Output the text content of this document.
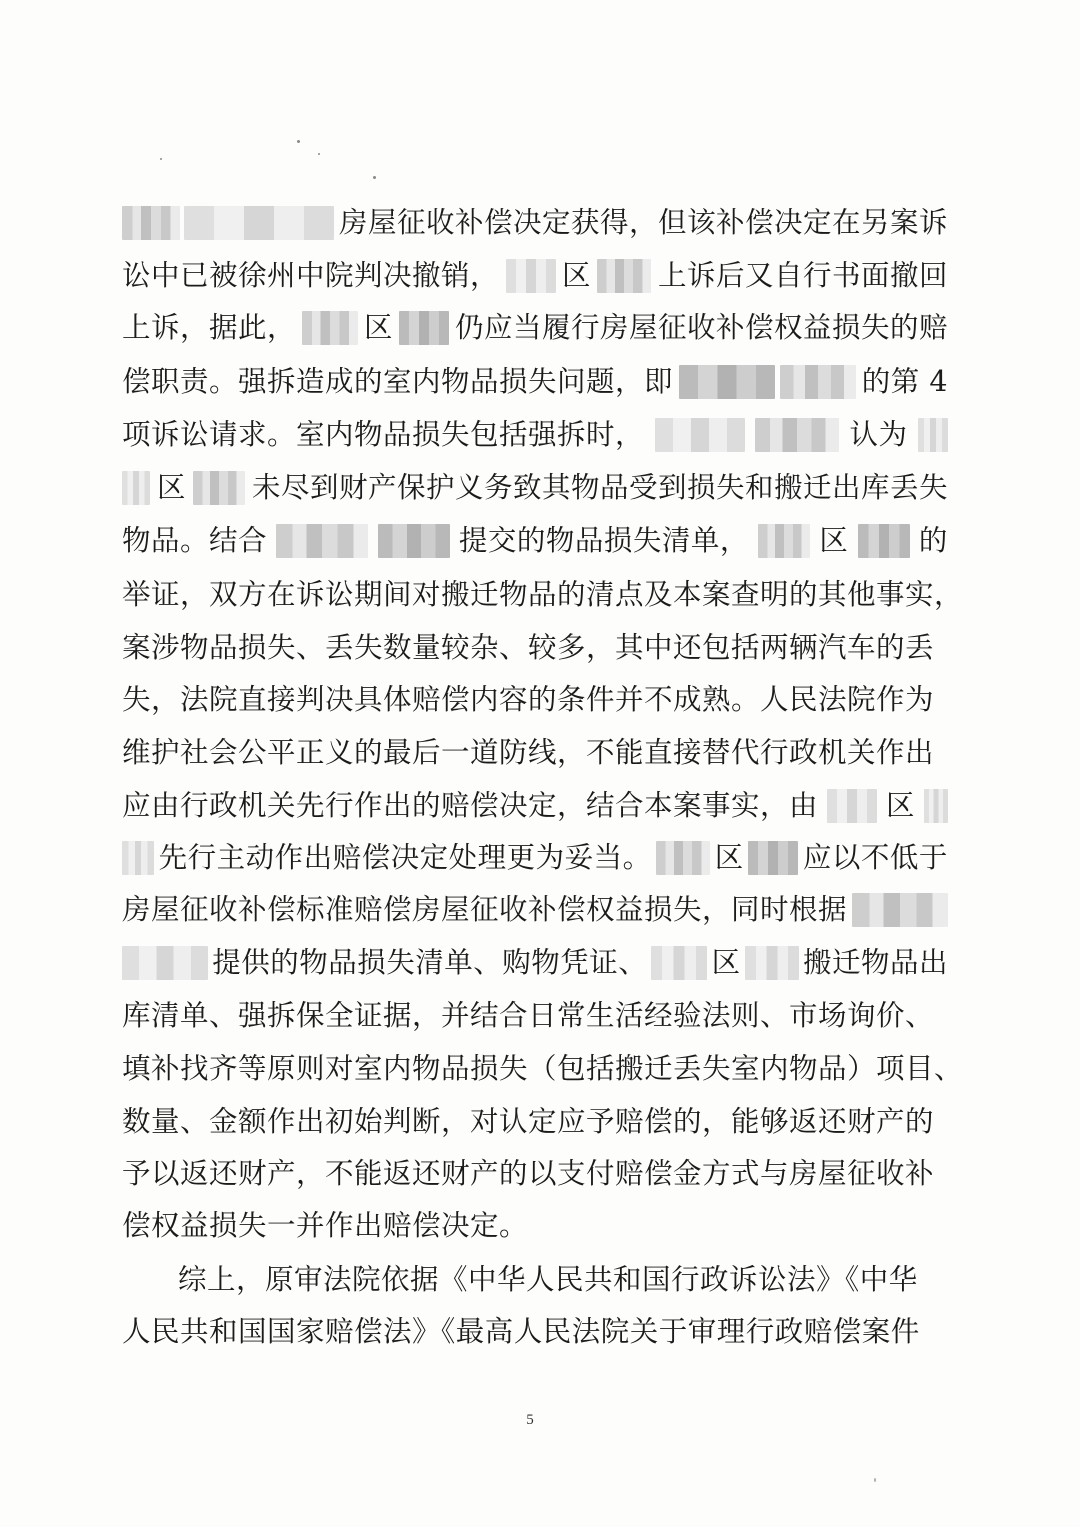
房屋征收补偿决定获得，但该补偿决定在另案诉
讼中已被徐州中院判决撤销， 区 上诉后又自行书面撤回
上诉，据此， 区 仍应当履行房屋征收补偿权益损失的赔
偿职责。强拆造成的室内物品损失问题，即	的第 4
项诉讼请求。室内物品损失包括强拆时，	认为
区 未尽到财产保护义务致其物品受到损失和搬迁出库丢失
物品。结合	提交的物品损失清单， 区 的
举证，双方在诉讼期间对搬迁物品的清点及本案查明的其他事实，
案涉物品损失、丢失数量较杂、较多，其中还包括两辆汽车的丢
失，法院直接判决具体赔偿内容的条件并不成熟。人民法院作为
维护社会公平正义的最后一道防线，不能直接替代行政机关作出
应由行政机关先行作出的赔偿决定，结合本案事实，由 区
先行主动作出赔偿决定处理更为妥当。 区 应以不低于
房屋征收补偿标准赔偿房屋征收补偿权益损失，同时根据
提供的物品损失清单、购物凭证、 区 搬迁物品出
库清单、强拆保全证据，并结合日常生活经验法则、市场询价、
填补找齐等原则对室内物品损失（包括搬迁丢失室内物品）项目、
数量、金额作出初始判断，对认定应予赔偿的，能够返还财产的
予以返还财产，不能返还财产的以支付赔偿金方式与房屋征收补
偿权益损失一并作出赔偿决定。
综上，原审法院依据《中华人民共和国行政诉讼法》《中华
人民共和国国家赔偿法》《最高人民法院关于审理行政赔偿案件
5
